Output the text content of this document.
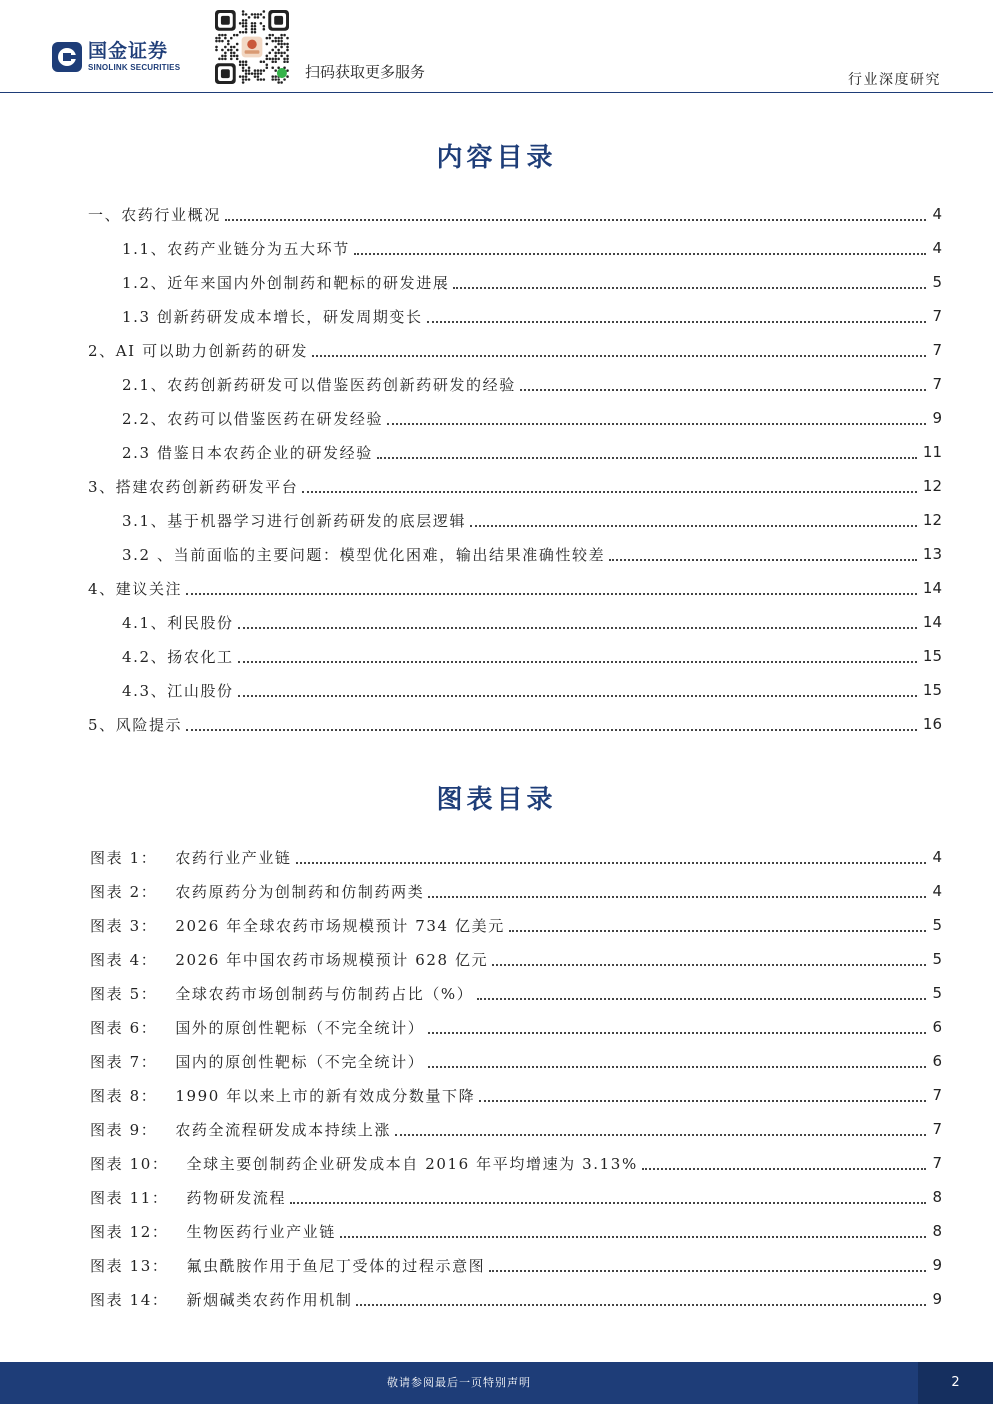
国金证券
SINOLINK SECURITIES	扫码获取更多服务	行业深度研究
内容目录
一、农药行业概况	4
1.1、农药产业链分为五大环节	4
1.2、近年来国内外创制药和靶标的研发进展	5
1.3 创新药研发成本增长，研发周期变长	7
2、AI 可以助力创新药的研发	7
2.1、农药创新药研发可以借鉴医药创新药研发的经验	7
2.2、农药可以借鉴医药在研发经验	9
2.3 借鉴日本农药企业的研发经验	11
3、搭建农药创新药研发平台	12
3.1、基于机器学习进行创新药研发的底层逻辑	12
3.2 、当前面临的主要问题：模型优化困难，输出结果准确性较差	13
4、建议关注	14
4.1、利民股份	14
4.2、扬农化工	15
4.3、江山股份	15
5、风险提示	16
图表目录
图表 1： 农药行业产业链	4
图表 2： 农药原药分为创制药和仿制药两类	4
图表 3： 2026 年全球农药市场规模预计 734 亿美元	5
图表 4： 2026 年中国农药市场规模预计 628 亿元	5
图表 5： 全球农药市场创制药与仿制药占比（%）	5
图表 6： 国外的原创性靶标（不完全统计）	6
图表 7： 国内的原创性靶标（不完全统计）	6
图表 8： 1990 年以来上市的新有效成分数量下降	7
图表 9： 农药全流程研发成本持续上涨	7
图表 10： 全球主要创制药企业研发成本自 2016 年平均增速为 3.13%	7
图表 11： 药物研发流程	8
图表 12： 生物医药行业产业链	8
图表 13： 氟虫酰胺作用于鱼尼丁受体的过程示意图	9
图表 14： 新烟碱类农药作用机制	9
敬请参阅最后一页特别声明	2
